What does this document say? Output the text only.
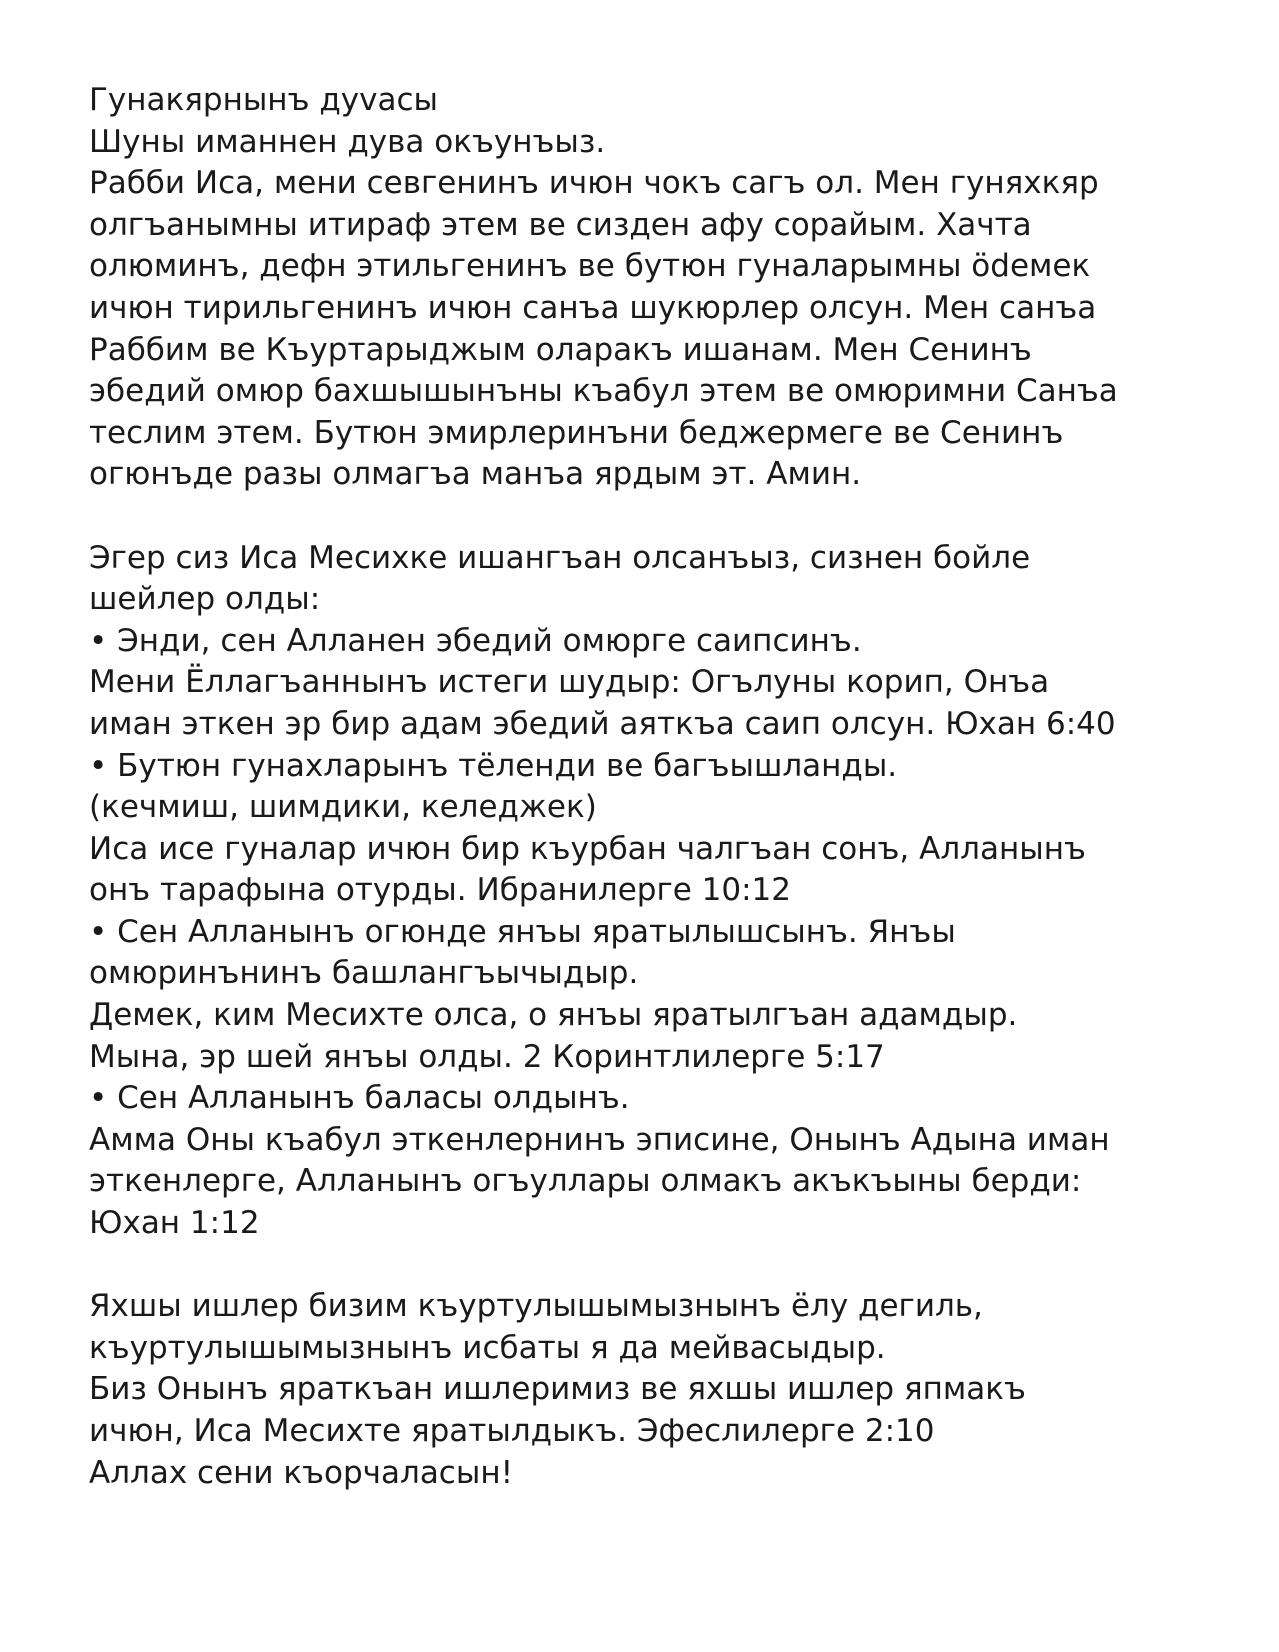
Гунакярнынъ дуvасы
Шуны иманнен дува окъунъыз.
Рабби Иса, мени севгенинъ ичюн чокъ сагъ ол. Мен гуняхкяр
олгъанымны итираф этем ве сизден афу сорайым. Хачта
олюминъ, дефн этильгенинъ ве бутюн гуналарымны ödемек
ичюн тирильгенинъ ичюн санъа шукюрлер олсун. Мен санъа
Раббим ве Къуртарыджым оларакъ ишанам. Мен Сенинъ
эбедий омюр бахшышынъны къабул этем ве омюримни Санъа
теслим этем. Бутюн эмирлеринъни беджермеге ве Сенинъ
огюнъде разы олмагъа манъа ярдым эт. Амин.
Эгер сиз Иса Месихке ишангъан олсанъыз, сизнен бойле
шейлер олды:
• Энди, сен Алланен эбедий омюрге саипсинъ.
Мени Ёллагъаннынъ истеги шудыр: Огълуны корип, Онъа
иман эткен эр бир адам эбедий аяткъа саип олсун. Юхан 6:40
• Бутюн гунахларынъ тёленди ве багъышланды.
(кечмиш, шимдики, келеджек)
Иса исе гуналар ичюн бир къурбан чалгъан сонъ, Алланынъ
онъ тарафына отурды. Ибранилерге 10:12
• Сен Алланынъ огюнде янъы яратылышсынъ. Янъы
омюринънинъ башлангъычыдыр.
Демек, ким Месихте олса, о янъы яратылгъан адамдыр.
Мына, эр шей янъы олды. 2 Коринтлилерге 5:17
• Сен Алланынъ баласы олдынъ.
Амма Оны къабул эткенлернинъ эписине, Онынъ Адына иман
эткенлерге, Алланынъ огъуллары олмакъ акъкъыны берди:
Юхан 1:12
Яхшы ишлер бизим къуртулышымызнынъ ёлу дегиль,
къуртулышымызнынъ исбаты я да мейвасыдыр.
Биз Онынъ яраткъан ишлеримиз ве яхшы ишлер япмакъ
ичюн, Иса Месихте яратылдыкъ. Эфеслилерге 2:10
Аллах сени къорчаласын!
